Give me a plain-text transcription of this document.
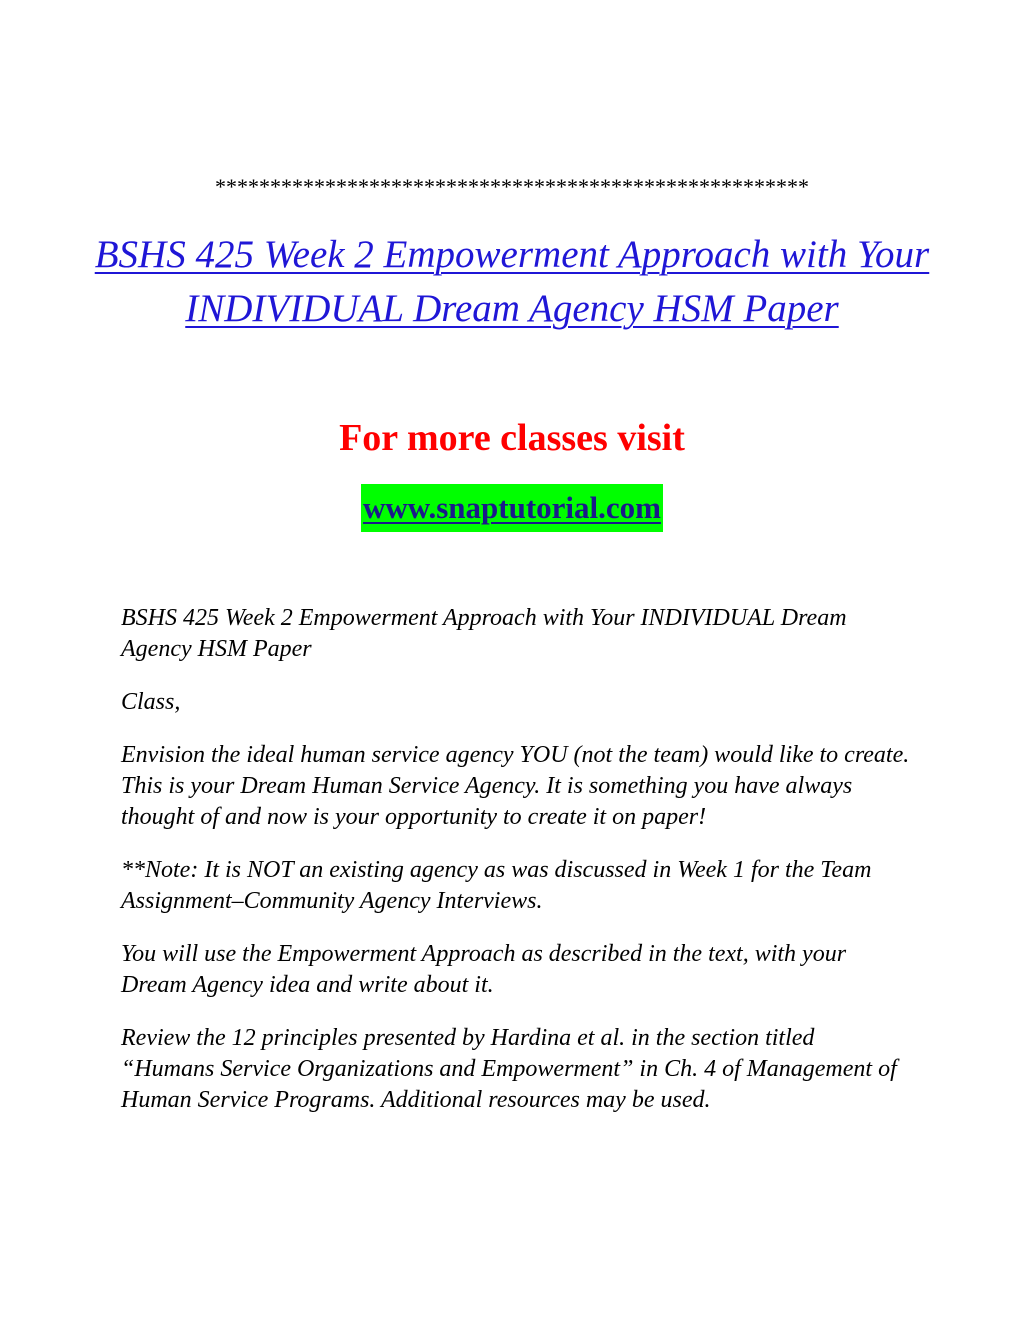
******************************************************
BSHS 425 Week 2 Empowerment Approach with Your INDIVIDUAL Dream Agency HSM Paper
For more classes visit
www.snaptutorial.com

BSHS 425 Week 2 Empowerment Approach with Your INDIVIDUAL Dream Agency HSM Paper

Class,

Envision the ideal human service agency YOU (not the team) would like to create. This is your Dream Human Service Agency. It is something you have always thought of and now is your opportunity to create it on paper!

**Note: It is NOT an existing agency as was discussed in Week 1 for the Team Assignment–Community Agency Interviews.

You will use the Empowerment Approach as described in the text, with your Dream Agency idea and write about it.

Review the 12 principles presented by Hardina et al. in the section titled “Humans Service Organizations and Empowerment” in Ch. 4 of Management of Human Service Programs. Additional resources may be used.
